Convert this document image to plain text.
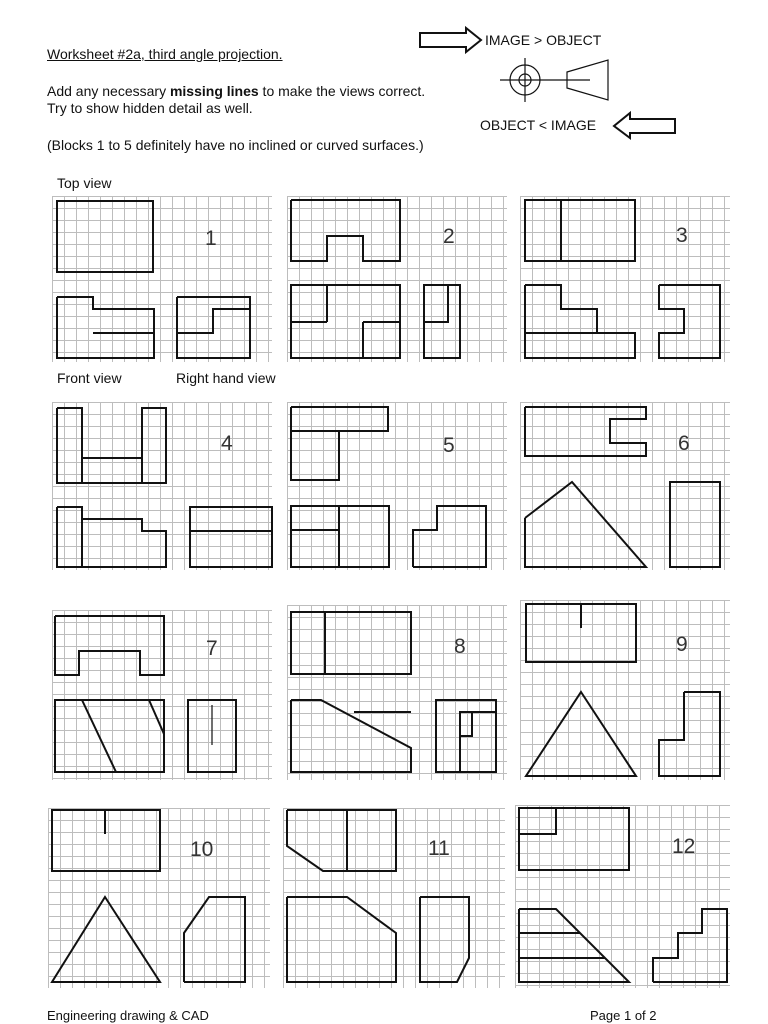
Worksheet #2a, third angle projection.
Add any necessary missing lines to make the views correct.
Try to show hidden detail as well.
(Blocks 1 to 5 definitely have no inclined or curved surfaces.)
IMAGE > OBJECT
OBJECT < IMAGE
Top view
Front view	Right hand view
1	2	3
4	5	6
7	8	9
10	11	12
Engineering drawing & CAD	Page 1 of 2
